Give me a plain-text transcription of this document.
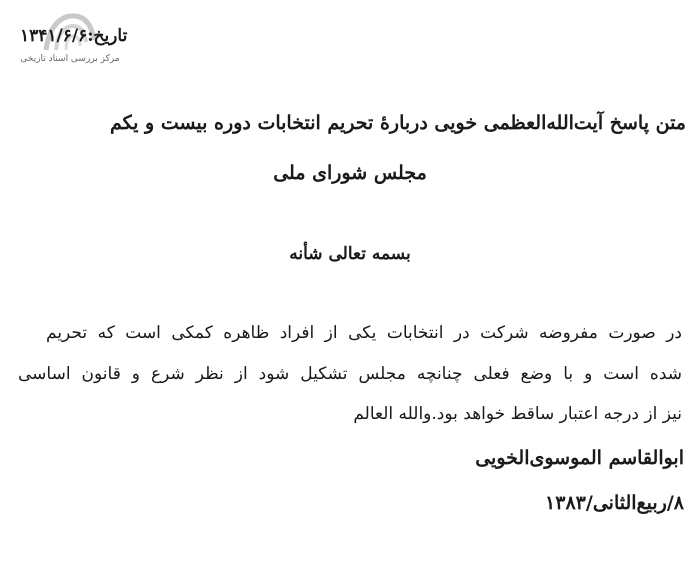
مرکز بررسی اسناد تاریخی
تاریخ:۱۳۴۱/۶/۶
متن پاسخ آیت‌الله‌العظمی خویی دربارهٔ تحریم انتخابات دوره بیست و یکم
مجلس شورای ملی
بسمه تعالی شأنه
در صورت مفروضه شرکت در انتخابات یکی از افراد ظاهره کمکی است که تحریم
شده است و با وضع فعلی چنانچه مجلس تشکیل شود از نظر شرع و قانون اساسی
نیز از درجه اعتبار ساقط خواهد بود.والله العالم
ابوالقاسم الموسوی‌الخویی
۸/ربیع‌الثانی/۱۳۸۳
